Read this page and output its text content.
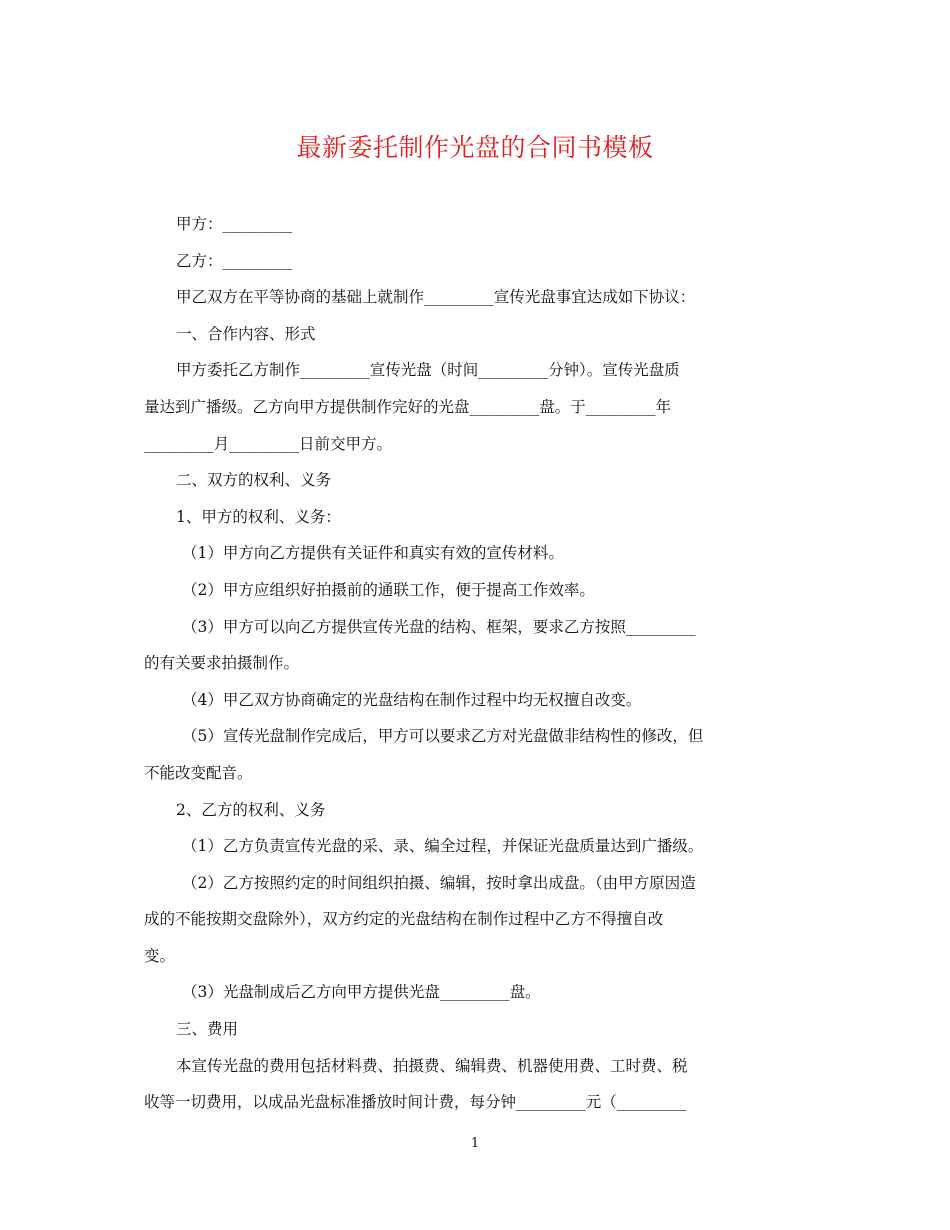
最新委托制作光盘的合同书模板
甲方：_________
乙方：_________
甲乙双方在平等协商的基础上就制作_________宣传光盘事宜达成如下协议：
一、合作内容、形式
甲方委托乙方制作_________宣传光盘（时间_________分钟）。宣传光盘质
量达到广播级。乙方向甲方提供制作完好的光盘_________盘。于_________年
_________月_________日前交甲方。
二、双方的权利、义务
1、甲方的权利、义务：
（1）甲方向乙方提供有关证件和真实有效的宣传材料。
（2）甲方应组织好拍摄前的通联工作，便于提高工作效率。
（3）甲方可以向乙方提供宣传光盘的结构、框架，要求乙方按照_________
的有关要求拍摄制作。
（4）甲乙双方协商确定的光盘结构在制作过程中均无权擅自改变。
（5）宣传光盘制作完成后，甲方可以要求乙方对光盘做非结构性的修改，但
不能改变配音。
2、乙方的权利、义务
（1）乙方负责宣传光盘的采、录、编全过程，并保证光盘质量达到广播级。
（2）乙方按照约定的时间组织拍摄、编辑，按时拿出成盘。（由甲方原因造
成的不能按期交盘除外），双方约定的光盘结构在制作过程中乙方不得擅自改
变。
（3）光盘制成后乙方向甲方提供光盘_________盘。
三、费用
本宣传光盘的费用包括材料费、拍摄费、编辑费、机器使用费、工时费、税
收等一切费用，以成品光盘标准播放时间计费，每分钟_________元（_________
1
